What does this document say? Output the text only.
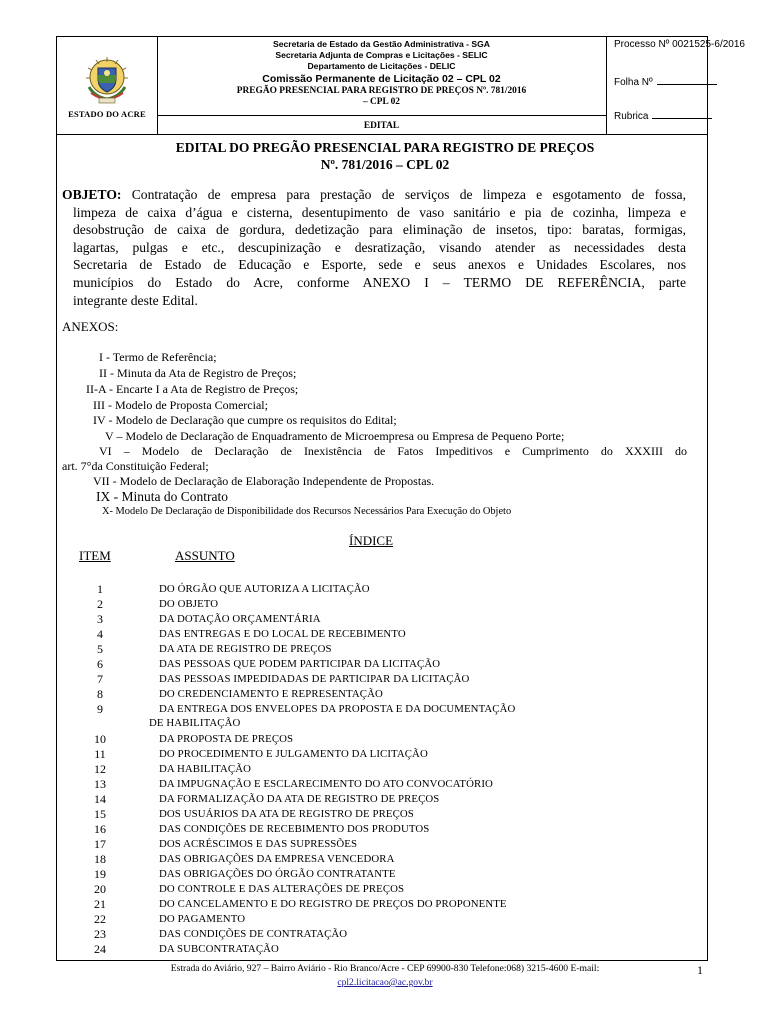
ESTADO DO ACRE
Secretaria de Estado da Gestão Administrativa - SGA
Secretaria Adjunta de Compras e Licitações - SELIC
Departamento de Licitações - DELIC
Comissão Permanente de Licitação 02 – CPL 02
PREGÃO PRESENCIAL PARA REGISTRO DE PREÇOS Nº. 781/2016
– CPL 02
EDITAL
Processo Nº 0021525-6/2016
Folha Nº
Rubrica
EDITAL DO PREGÃO PRESENCIAL PARA REGISTRO DE PREÇOS
Nº. 781/2016 – CPL 02
OBJETO: Contratação de empresa para prestação de serviços de limpeza e esgotamento de fossa,
limpeza de caixa d’água e cisterna, desentupimento de vaso sanitário e pia de cozinha, limpeza e
desobstrução de caixa de gordura, dedetização para eliminação de insetos, tipo: baratas, formigas,
lagartas, pulgas e etc., descupinização e desratização, visando atender as necessidades desta
Secretaria de Estado de Educação e Esporte, sede e seus anexos e Unidades Escolares, nos
municípios do Estado do Acre, conforme ANEXO I – TERMO DE REFERÊNCIA, parte
integrante deste Edital.
ANEXOS:
I - Termo de Referência;
II - Minuta da Ata de Registro de Preços;
II-A - Encarte I a Ata de Registro de Preços;
III - Modelo de Proposta Comercial;
IV - Modelo de Declaração que cumpre os requisitos do Edital;
V – Modelo de Declaração de Enquadramento de Microempresa ou Empresa de Pequeno Porte;
VI – Modelo de Declaração de Inexistência de Fatos Impeditivos e Cumprimento do XXXIII do
art. 7°da Constituição Federal;
VII - Modelo de Declaração de Elaboração Independente de Propostas.
IX - Minuta do Contrato
X- Modelo De Declaração de Disponibilidade dos Recursos Necessários Para Execução do Objeto
ÍNDICE
ITEM	ASSUNTO
1	DO ÓRGÃO QUE AUTORIZA A LICITAÇÃO
2	DO OBJETO
3	DA DOTAÇÃO ORÇAMENTÁRIA
4	DAS ENTREGAS E DO LOCAL DE RECEBIMENTO
5	DA ATA DE REGISTRO DE PREÇOS
6	DAS PESSOAS QUE PODEM PARTICIPAR DA LICITAÇÃO
7	DAS PESSOAS IMPEDIDADAS DE PARTICIPAR DA LICITAÇÃO
8	DO CREDENCIAMENTO E REPRESENTAÇÃO
9	DA ENTREGA DOS ENVELOPES DA PROPOSTA E DA DOCUMENTAÇÃO
DE HABILITAÇÃO
10	DA PROPOSTA DE PREÇOS
11	DO PROCEDIMENTO E JULGAMENTO DA LICITAÇÃO
12	DA HABILITAÇÃO
13	DA IMPUGNAÇÃO E ESCLARECIMENTO DO ATO CONVOCATÓRIO
14	DA FORMALIZAÇÃO DA ATA DE REGISTRO DE PREÇOS
15	DOS USUÁRIOS DA ATA DE REGISTRO DE PREÇOS
16	DAS CONDIÇÕES DE RECEBIMENTO DOS PRODUTOS
17	DOS ACRÉSCIMOS E DAS SUPRESSÕES
18	DAS OBRIGAÇÕES DA EMPRESA VENCEDORA
19	DAS OBRIGAÇÕES DO ÓRGÃO CONTRATANTE
20	DO CONTROLE E DAS ALTERAÇÕES DE PREÇOS
21	DO CANCELAMENTO E DO REGISTRO DE PREÇOS DO PROPONENTE
22	DO PAGAMENTO
23	DAS CONDIÇÕES DE CONTRATAÇÃO
24	DA SUBCONTRATAÇÃO
Estrada do Aviário, 927 – Bairro Aviário - Rio Branco/Acre - CEP 69900-830 Telefone:068) 3215-4600 E-mail:
cpl2.licitacao@ac.gov.br
1
